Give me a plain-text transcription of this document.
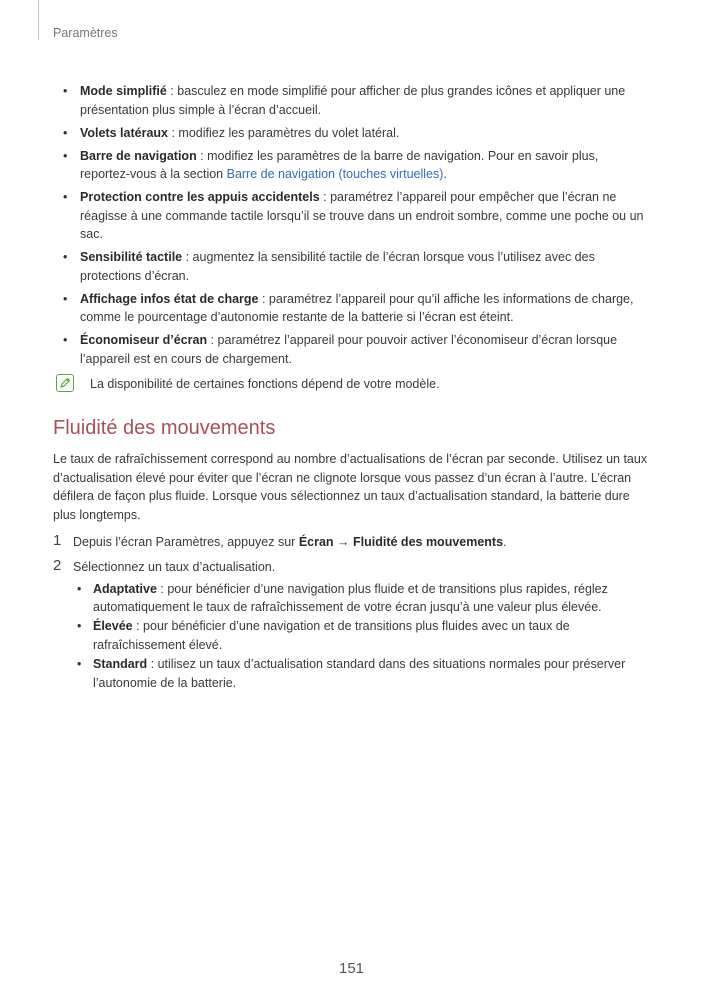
Paramètres
• Mode simplifié : basculez en mode simplifié pour afficher de plus grandes icônes et appliquer une présentation plus simple à l’écran d’accueil.
• Volets latéraux : modifiez les paramètres du volet latéral.
• Barre de navigation : modifiez les paramètres de la barre de navigation. Pour en savoir plus, reportez-vous à la section Barre de navigation (touches virtuelles).
• Protection contre les appuis accidentels : paramétrez l’appareil pour empêcher que l’écran ne réagisse à une commande tactile lorsqu’il se trouve dans un endroit sombre, comme une poche ou un sac.
• Sensibilité tactile : augmentez la sensibilité tactile de l’écran lorsque vous l’utilisez avec des protections d’écran.
• Affichage infos état de charge : paramétrez l’appareil pour qu’il affiche les informations de charge, comme le pourcentage d’autonomie restante de la batterie si l’écran est éteint.
• Économiseur d’écran : paramétrez l’appareil pour pouvoir activer l’économiseur d’écran lorsque l’appareil est en cours de chargement.
La disponibilité de certaines fonctions dépend de votre modèle.
Fluidité des mouvements
Le taux de rafraîchissement correspond au nombre d’actualisations de l’écran par seconde. Utilisez un taux d’actualisation élevé pour éviter que l’écran ne clignote lorsque vous passez d’un écran à l’autre. L’écran défilera de façon plus fluide. Lorsque vous sélectionnez un taux d’actualisation standard, la batterie dure plus longtemps.
1 Depuis l’écran Paramètres, appuyez sur Écran → Fluidité des mouvements.
2 Sélectionnez un taux d’actualisation.
• Adaptative : pour bénéficier d’une navigation plus fluide et de transitions plus rapides, réglez automatiquement le taux de rafraîchissement de votre écran jusqu’à une valeur plus élevée.
• Élevée : pour bénéficier d’une navigation et de transitions plus fluides avec un taux de rafraîchissement élevé.
• Standard : utilisez un taux d’actualisation standard dans des situations normales pour préserver l’autonomie de la batterie.
151
